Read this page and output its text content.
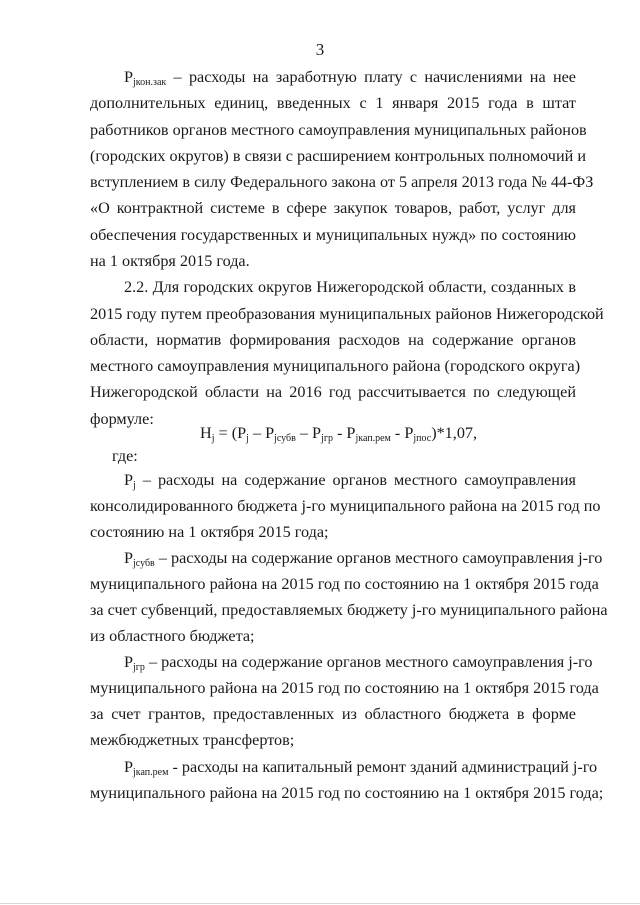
3
$P_{jкон.зак}$ – расходы на заработную плату с начислениями на нее
дополнительных единиц, введенных с 1 января 2015 года в штат
работников органов местного самоуправления муниципальных районов
(городских округов) в связи с расширением контрольных полномочий и
вступлением в силу Федерального закона от 5 апреля 2013 года № 44-ФЗ
«О контрактной системе в сфере закупок товаров, работ, услуг для
обеспечения государственных и муниципальных нужд» по состоянию
на 1 октября 2015 года.
2.2. Для городских округов Нижегородской области, созданных в
2015 году путем преобразования муниципальных районов Нижегородской
области, норматив формирования расходов на содержание органов
местного самоуправления муниципального района (городского округа)
Нижегородской области на 2016 год рассчитывается по следующей
формуле:
$Н_j = (P_j - P_{jсубв} - P_{jгр} - P_{jкап.рем} - P_{jпос})*1,07$,
где:
$P_j$ – расходы на содержание органов местного самоуправления
консолидированного бюджета j-го муниципального района на 2015 год по
состоянию на 1 октября 2015 года;
$P_{jсубв}$ – расходы на содержание органов местного самоуправления j-го
муниципального района на 2015 год по состоянию на 1 октября 2015 года
за счет субвенций, предоставляемых бюджету j-го муниципального района
из областного бюджета;
$P_{jгр}$ – расходы на содержание органов местного самоуправления j-го
муниципального района на 2015 год по состоянию на 1 октября 2015 года
за счет грантов, предоставленных из областного бюджета в форме
межбюджетных трансфертов;
$P_{jкап.рем}$ - расходы на капитальный ремонт зданий администраций j-го
муниципального района на 2015 год по состоянию на 1 октября 2015 года;
